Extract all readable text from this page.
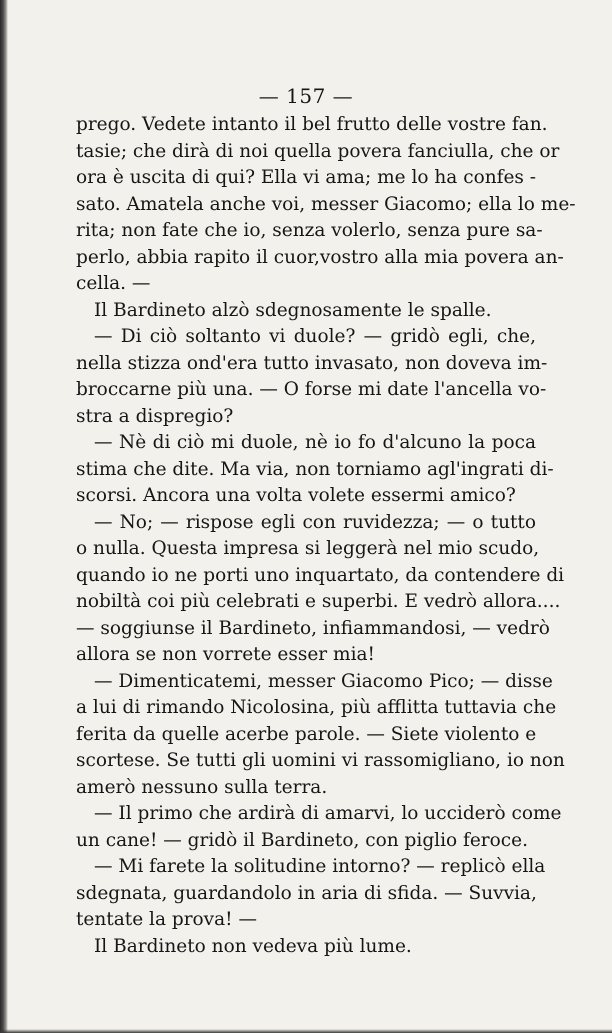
— 157 —
prego. Vedete intanto il bel frutto delle vostre fan.
tasie; che dirà di noi quella povera fanciulla, che or
ora è uscita di qui? Ella vi ama; me lo ha confes -
sato. Amatela anche voi, messer Giacomo; ella lo me-
rita; non fate che io, senza volerlo, senza pure sa-
perlo, abbia rapito il cuor,vostro alla mia povera an-
cella. —
Il Bardineto alzò sdegnosamente le spalle.
— Di ciò soltanto vi duole? — gridò egli, che,
nella stizza ond'era tutto invasato, non doveva im-
broccarne più una. — O forse mi date l'ancella vo-
stra a dispregio?
— Nè di ciò mi duole, nè io fo d'alcuno la poca
stima che dite. Ma via, non torniamo agl'ingrati di-
scorsi. Ancora una volta volete essermi amico?
— No; — rispose egli con ruvidezza; — o tutto
o nulla. Questa impresa si leggerà nel mio scudo,
quando io ne porti uno inquartato, da contendere di
nobiltà coi più celebrati e superbi. E vedrò allora....
— soggiunse il Bardineto, infiammandosi, — vedrò
allora se non vorrete esser mia!
— Dimenticatemi, messer Giacomo Pico; — disse
a lui di rimando Nicolosina, più afflitta tuttavia che
ferita da quelle acerbe parole. — Siete violento e
scortese. Se tutti gli uomini vi rassomigliano, io non
amerò nessuno sulla terra.
— Il primo che ardirà di amarvi, lo ucciderò come
un cane! — gridò il Bardineto, con piglio feroce.
— Mi farete la solitudine intorno? — replicò ella
sdegnata, guardandolo in aria di sfida. — Suvvia,
tentate la prova! —
Il Bardineto non vedeva più lume.
